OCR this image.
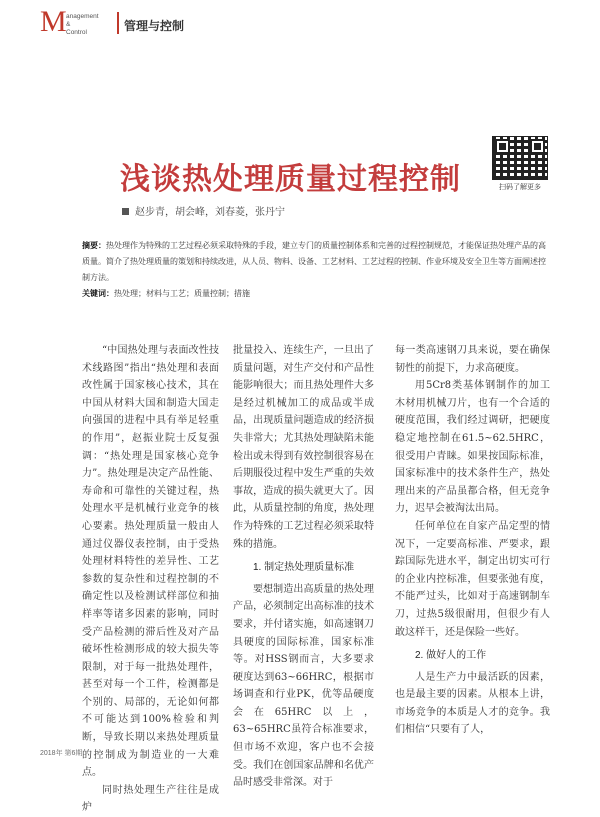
M anagement &
Control	管理与控制
扫码了解更多
浅谈热处理质量过程控制
赵步青，胡会峰，刘春菱，张丹宁
摘要：热处理作为特殊的工艺过程必须采取特殊的手段，建立专门的质量控制体系和完善的过程控制规范，才能保证热处理产品的高质量。简介了热处理质量的策划和持续改进，从人员、物料、设备、工艺材料、工艺过程的控制、作业环境及安全卫生等方面阐述控制方法。
关键词：热处理；材料与工艺；质量控制；措施

“中国热处理与表面改性技术线路图”指出“热处理和表面改性属于国家核心技术，其在中国从材料大国和制造大国走向强国的进程中具有举足轻重的作用”，赵振业院士反复强调：“热处理是国家核心竞争力”。热处理是决定产品性能、寿命和可靠性的关键过程，热处理水平是机械行业竞争的核心要素。热处理质量一般由人通过仪器仪表控制，由于受热处理材料特性的差异性、工艺参数的复杂性和过程控制的不确定性以及检测试样部位和抽样率等诸多因素的影响，同时受产品检测的滞后性及对产品破坏性检测形成的较大损失等限制，对于每一批热处理件，甚至对每一个工件，检测都是个别的、局部的，无论如何都不可能达到100%检验和判断，导致长期以来热处理质量的控制成为制造业的一大难点。

同时热处理生产往往是成炉

批量投入、连续生产，一旦出了质量问题，对生产交付和产品性能影响很大；而且热处理件大多是经过机械加工的成品或半成品，出现质量问题造成的经济损失非常大；尤其热处理缺陷未能检出或未得到有效控制很容易在后期服役过程中发生严重的失效事故，造成的损失就更大了。因此，从质量控制的角度，热处理作为特殊的工艺过程必须采取特殊的措施。

1. 制定热处理质量标准

要想制造出高质量的热处理产品，必须制定出高标准的技术要求，并付诸实施，如高速钢刀具硬度的国际标准，国家标准等。对HSS钢而言，大多要求硬度达到63~66HRC，根据市场调查和行业PK，优等品硬度会在65HRC以上，63~65HRC虽符合标准要求，但市场不欢迎，客户也不会接受。我们在创国家品牌和名优产品时感受非常深。对于

每一类高速钢刀具来说，要在确保韧性的前提下，力求高硬度。

用5Cr8类基体钢制作的加工木材用机械刀片，也有一个合适的硬度范围，我们经过调研，把硬度稳定地控制在61.5~62.5HRC，很受用户青睐。如果按国际标准，国家标准中的技术条件生产，热处理出来的产品虽都合格，但无竞争力，迟早会被淘汰出局。

任何单位在自家产品定型的情况下，一定要高标准、严要求，跟踪国际先进水平，制定出切实可行的企业内控标准，但要张弛有度，不能严过头，比如对于高速钢制车刀，过热5级很耐用，但很少有人敢这样干，还是保险一些好。

2. 做好人的工作

人是生产力中最活跃的因素，也是最主要的因素。从根本上讲，市场竞争的本质是人才的竞争。我们相信“只要有了人，

2018年 第6期
